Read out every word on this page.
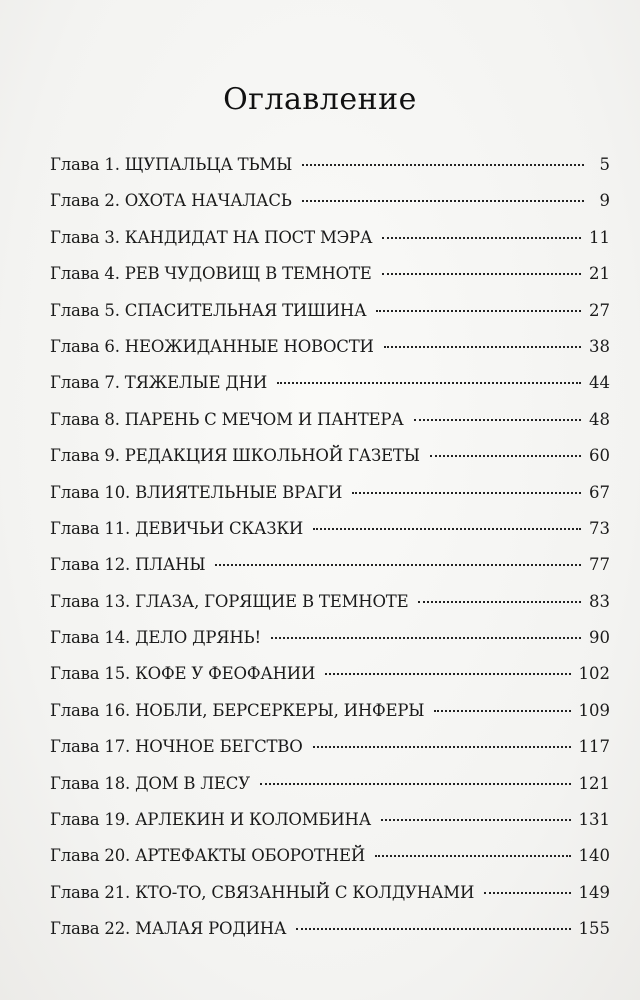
Оглавление
Глава 1. ЩУПАЛЬЦА ТЬМЫ	5
Глава 2. ОХОТА НАЧАЛАСЬ	9
Глава 3. КАНДИДАТ НА ПОСТ МЭРА	11
Глава 4. РЕВ ЧУДОВИЩ В ТЕМНОТЕ	21
Глава 5. СПАСИТЕЛЬНАЯ ТИШИНА	27
Глава 6. НЕОЖИДАННЫЕ НОВОСТИ	38
Глава 7. ТЯЖЕЛЫЕ ДНИ	44
Глава 8. ПАРЕНЬ С МЕЧОМ И ПАНТЕРА	48
Глава 9. РЕДАКЦИЯ ШКОЛЬНОЙ ГАЗЕТЫ	60
Глава 10. ВЛИЯТЕЛЬНЫЕ ВРАГИ	67
Глава 11. ДЕВИЧЬИ СКАЗКИ	73
Глава 12. ПЛАНЫ	77
Глава 13. ГЛАЗА, ГОРЯЩИЕ В ТЕМНОТЕ	83
Глава 14. ДЕЛО ДРЯНЬ!	90
Глава 15. КОФЕ У ФЕОФАНИИ	102
Глава 16. НОБЛИ, БЕРСЕРКЕРЫ, ИНФЕРЫ	109
Глава 17. НОЧНОЕ БЕГСТВО	117
Глава 18. ДОМ В ЛЕСУ	121
Глава 19. АРЛЕКИН И КОЛОМБИНА	131
Глава 20. АРТЕФАКТЫ ОБОРОТНЕЙ	140
Глава 21. КТО-ТО, СВЯЗАННЫЙ С КОЛДУНАМИ	149
Глава 22. МАЛАЯ РОДИНА	155
